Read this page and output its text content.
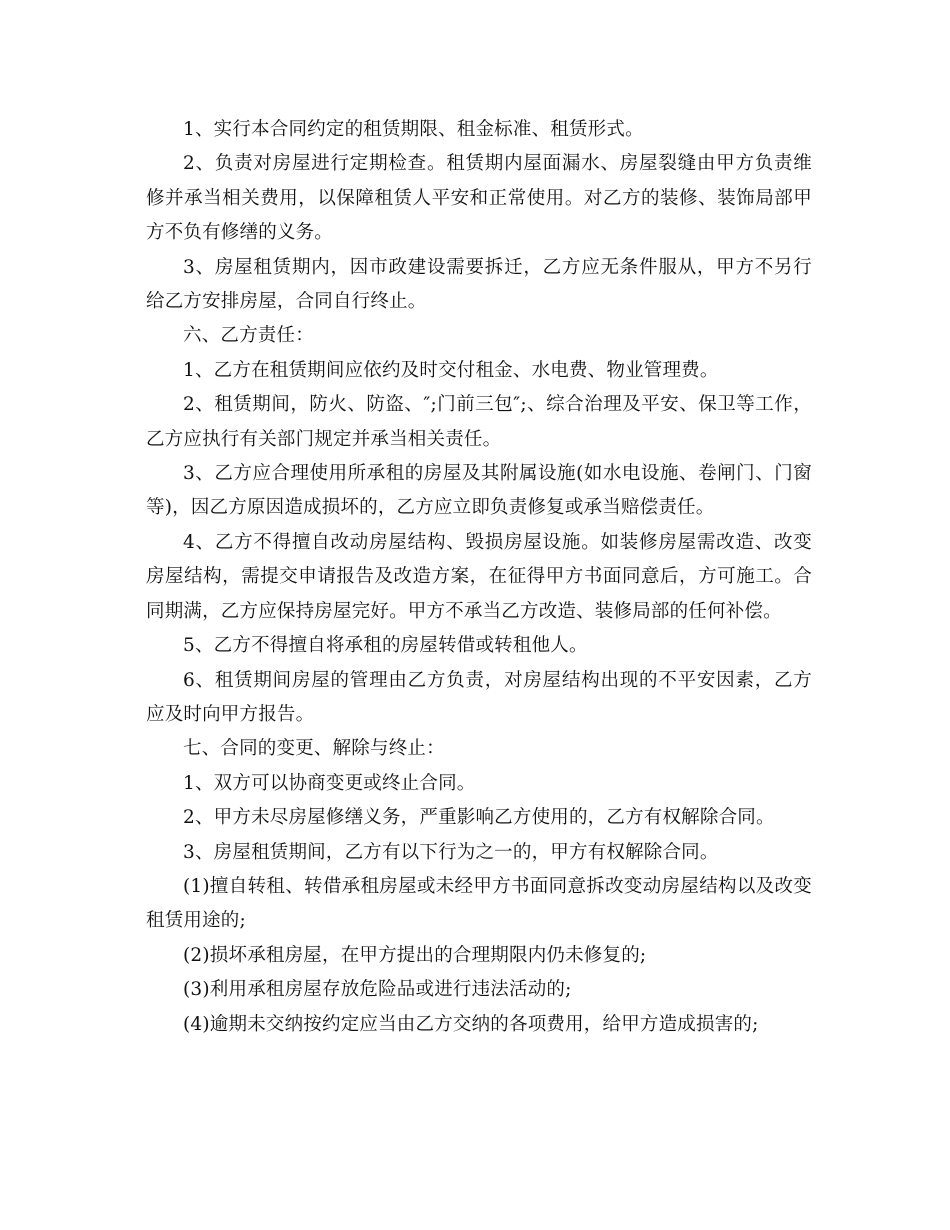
1、实行本合同约定的租赁期限、租金标准、租赁形式。

2、负责对房屋进行定期检查。租赁期内屋面漏水、房屋裂缝由甲方负责维修并承当相关费用，以保障租赁人平安和正常使用。对乙方的装修、装饰局部甲方不负有修缮的义务。

3、房屋租赁期内，因市政建设需要拆迁，乙方应无条件服从，甲方不另行给乙方安排房屋，合同自行终止。

六、乙方责任：

1、乙方在租赁期间应依约及时交付租金、水电费、物业管理费。

2、租赁期间，防火、防盗、″;门前三包″;、综合治理及平安、保卫等工作，乙方应执行有关部门规定并承当相关责任。

3、乙方应合理使用所承租的房屋及其附属设施(如水电设施、卷闸门、门窗等)，因乙方原因造成损坏的，乙方应立即负责修复或承当赔偿责任。

4、乙方不得擅自改动房屋结构、毁损房屋设施。如装修房屋需改造、改变房屋结构，需提交申请报告及改造方案，在征得甲方书面同意后，方可施工。合同期满，乙方应保持房屋完好。甲方不承当乙方改造、装修局部的任何补偿。

5、乙方不得擅自将承租的房屋转借或转租他人。

6、租赁期间房屋的管理由乙方负责，对房屋结构出现的不平安因素，乙方应及时向甲方报告。

七、合同的变更、解除与终止：

1、双方可以协商变更或终止合同。

2、甲方未尽房屋修缮义务，严重影响乙方使用的，乙方有权解除合同。

3、房屋租赁期间，乙方有以下行为之一的，甲方有权解除合同。

(1)擅自转租、转借承租房屋或未经甲方书面同意拆改变动房屋结构以及改变租赁用途的;

(2)损坏承租房屋，在甲方提出的合理期限内仍未修复的;

(3)利用承租房屋存放危险品或进行违法活动的;

(4)逾期未交纳按约定应当由乙方交纳的各项费用，给甲方造成损害的;
